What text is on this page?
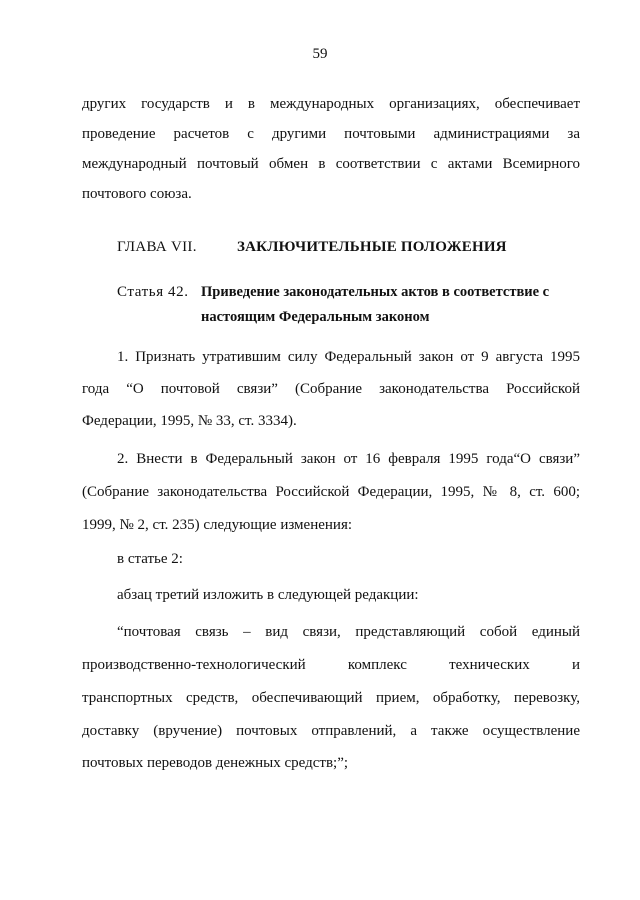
59
других государств и в международных организациях, обеспечивает
проведение расчетов с другими почтовыми администрациями за
международный почтовый обмен в соответствии с актами Всемирного
почтового союза.
ГЛАВА VII.	ЗАКЛЮЧИТЕЛЬНЫЕ ПОЛОЖЕНИЯ
Статья 42. Приведение законодательных актов в соответствие с
настоящим Федеральным законом
1. Признать утратившим силу Федеральный закон от 9 августа 1995
года “О почтовой связи” (Собрание законодательства Российской
Федерации, 1995, № 33, ст. 3334).
2. Внести в Федеральный закон от 16 февраля 1995 года“О связи”
(Собрание законодательства Российской Федерации, 1995, № 8, ст. 600;
1999, № 2, ст. 235) следующие изменения:
в статье 2:
абзац третий изложить в следующей редакции:
“почтовая связь – вид связи, представляющий собой единый
производственно-технологический комплекс технических и
транспортных средств, обеспечивающий прием, обработку, перевозку,
доставку (вручение) почтовых отправлений, а также осуществление
почтовых переводов денежных средств;”;
